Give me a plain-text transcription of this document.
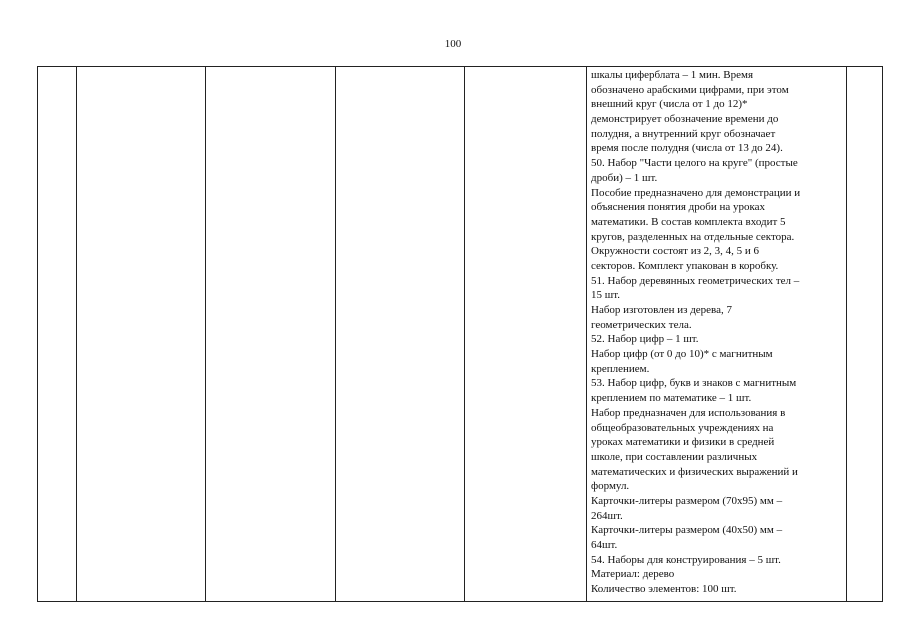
100
шкалы циферблата – 1 мин. Время
обозначено арабскими цифрами, при этом
внешний круг (числа от 1 до 12)*
демонстрирует обозначение времени до
полудня, а внутренний круг обозначает
время после полудня (числа от 13 до 24).
50. Набор "Части целого на круге" (простые
дроби) – 1 шт.
Пособие предназначено для демонстрации и
объяснения понятия дроби на уроках
математики. В состав комплекта входит 5
кругов, разделенных на отдельные сектора.
Окружности состоят из 2, 3, 4, 5 и 6
секторов. Комплект упакован в коробку.
51. Набор деревянных геометрических тел –
15 шт.
Набор изготовлен из дерева, 7
геометрических тела.
52. Набор цифр – 1 шт.
Набор цифр (от 0 до 10)* с магнитным
креплением.
53. Набор цифр, букв и знаков с магнитным
креплением по математике – 1 шт.
Набор предназначен для использования в
общеобразовательных учреждениях на
уроках математики и физики в средней
школе, при составлении различных
математических и физических выражений и
формул.
Карточки-литеры размером (70х95) мм –
264шт.
Карточки-литеры размером (40х50) мм –
64шт.
54. Наборы для конструирования – 5 шт.
Материал: дерево
Количество элементов: 100 шт.
